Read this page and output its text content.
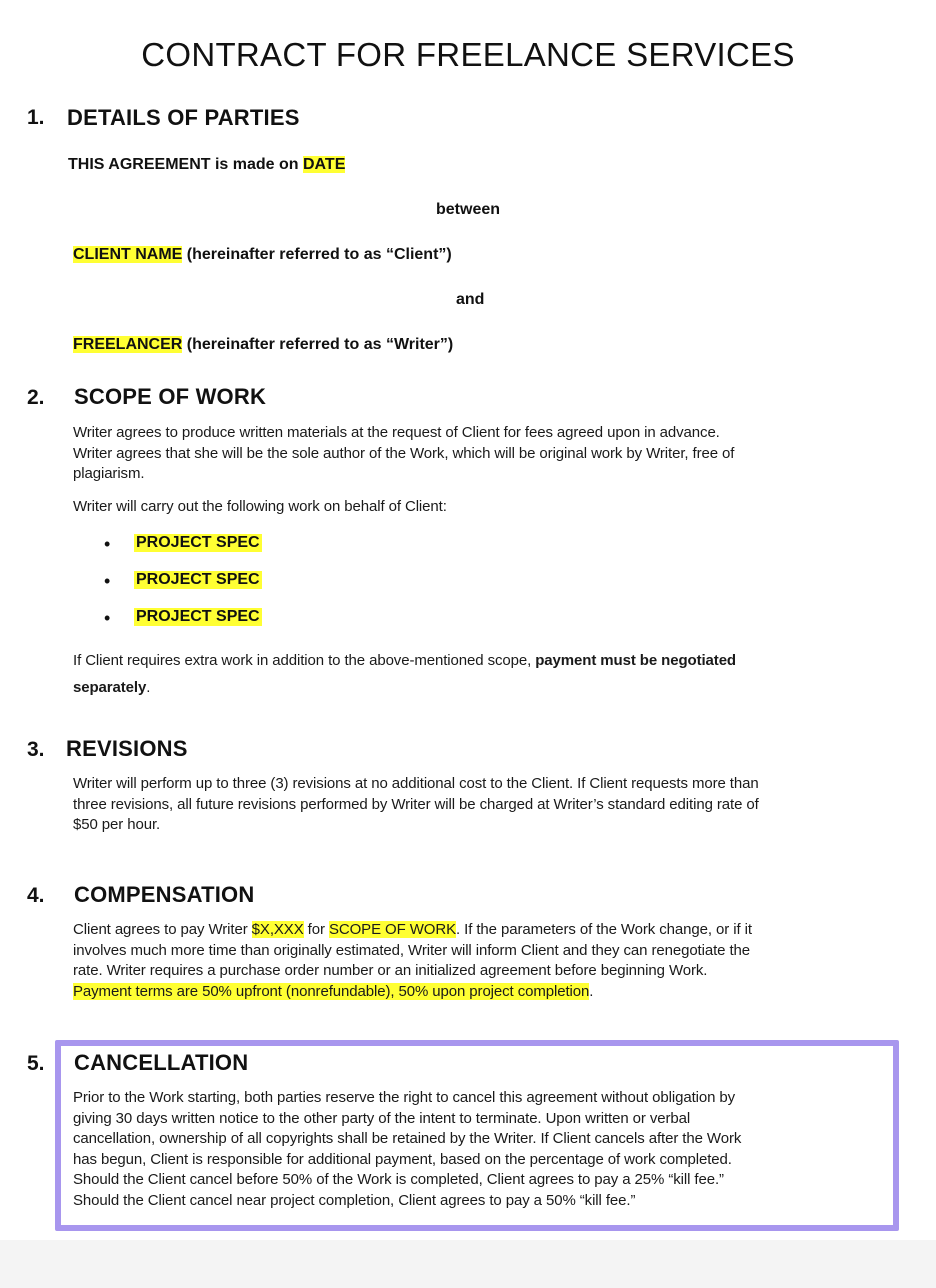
CONTRACT FOR FREELANCE SERVICES
1. DETAILS OF PARTIES
THIS AGREEMENT is made on DATE
between
CLIENT NAME (hereinafter referred to as “Client”)
and
FREELANCER (hereinafter referred to as “Writer”)
2. SCOPE OF WORK
Writer agrees to produce written materials at the request of Client for fees agreed upon in advance.
Writer agrees that she will be the sole author of the Work, which will be original work by Writer, free of
plagiarism.
Writer will carry out the following work on behalf of Client:
• PROJECT SPEC
• PROJECT SPEC
• PROJECT SPEC
If Client requires extra work in addition to the above-mentioned scope, payment must be negotiated
separately.
3. REVISIONS
Writer will perform up to three (3) revisions at no additional cost to the Client. If Client requests more than
three revisions, all future revisions performed by Writer will be charged at Writer’s standard editing rate of
$50 per hour.
4. COMPENSATION
Client agrees to pay Writer $X,XXX for SCOPE OF WORK. If the parameters of the Work change, or if it
involves much more time than originally estimated, Writer will inform Client and they can renegotiate the
rate. Writer requires a purchase order number or an initialized agreement before beginning Work.
Payment terms are 50% upfront (nonrefundable), 50% upon project completion.
5. CANCELLATION
Prior to the Work starting, both parties reserve the right to cancel this agreement without obligation by
giving 30 days written notice to the other party of the intent to terminate. Upon written or verbal
cancellation, ownership of all copyrights shall be retained by the Writer. If Client cancels after the Work
has begun, Client is responsible for additional payment, based on the percentage of work completed.
Should the Client cancel before 50% of the Work is completed, Client agrees to pay a 25% “kill fee.”
Should the Client cancel near project completion, Client agrees to pay a 50% “kill fee.”
